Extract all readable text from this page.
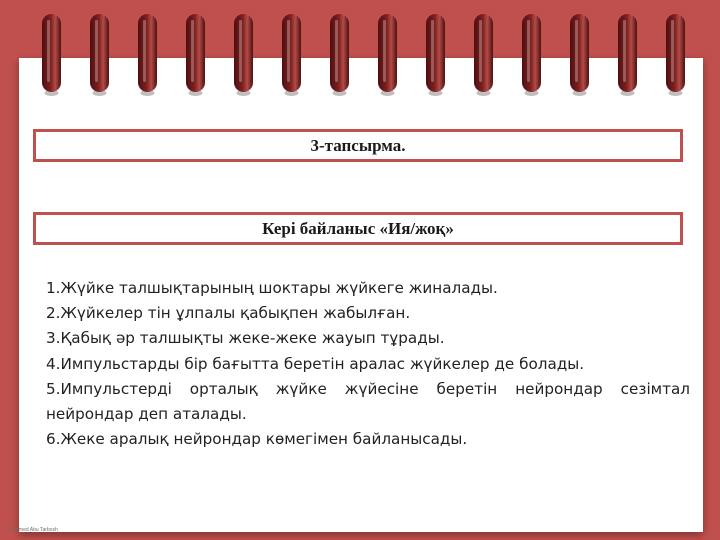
3-тапсырма.
Кері байланыс «Ия/жоқ»
1.Жүйке талшықтарының шоктары жүйкеге жиналады.
2.Жүйкелер тін ұлпалы қабықпен жабылған.
3.Қабық әр талшықты жеке-жеке жауып тұрады.
4.Импульстарды бір бағытта беретін аралас жүйкелер де болады.
5.Импульстерді орталық жүйке жүйесіне беретін нейрондар сезімтал нейрондар деп аталады.
6.Жеке аралық нейрондар көмегімен байланысады.
© Ahmed Abu Tarbosh
